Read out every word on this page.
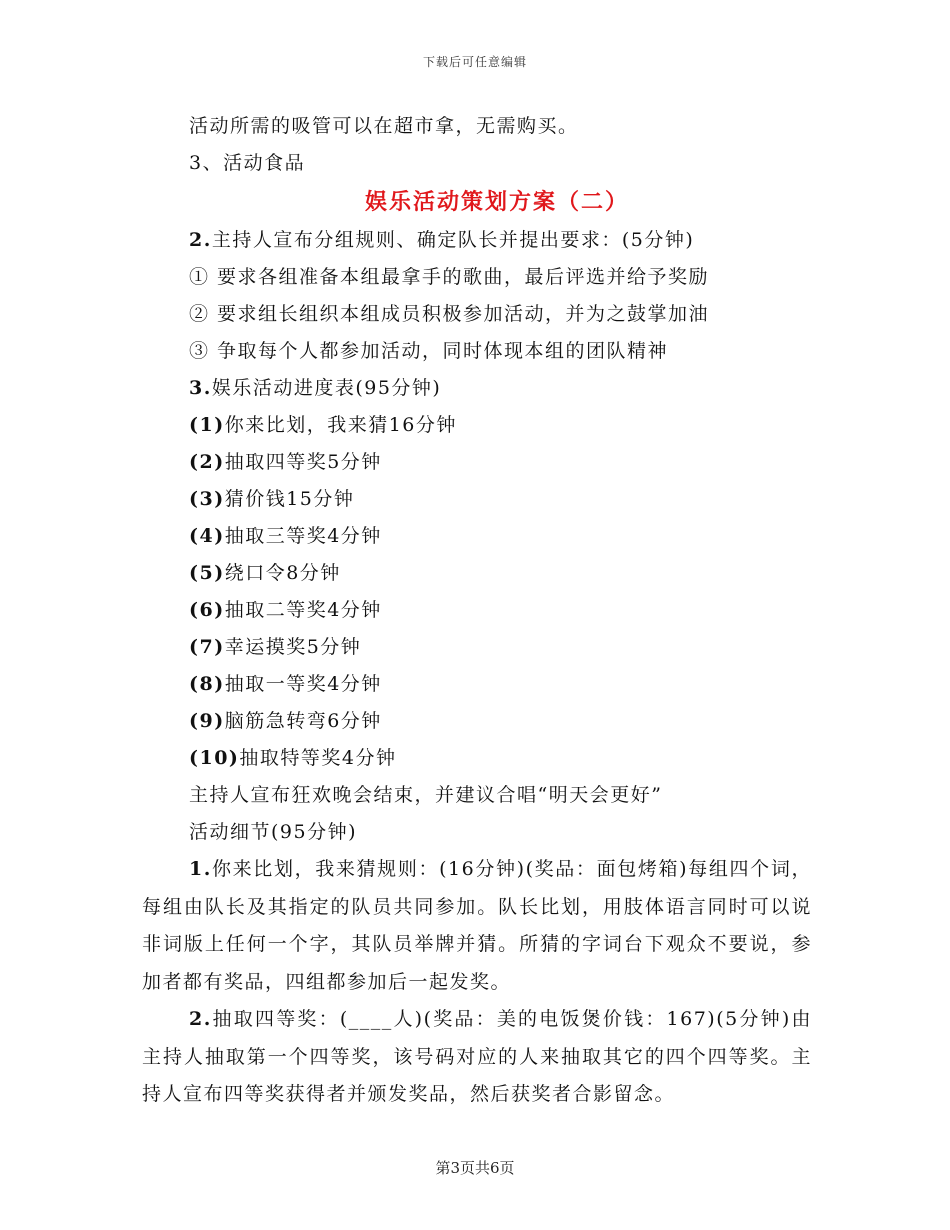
下载后可任意编辑
活动所需的吸管可以在超市拿，无需购买。
3、活动食品
娱乐活动策划方案（二）
2.主持人宣布分组规则、确定队长并提出要求：(5分钟)
① 要求各组准备本组最拿手的歌曲，最后评选并给予奖励
② 要求组长组织本组成员积极参加活动，并为之鼓掌加油
③ 争取每个人都参加活动，同时体现本组的团队精神
3.娱乐活动进度表(95分钟)
(1)你来比划，我来猜16分钟
(2)抽取四等奖5分钟
(3)猜价钱15分钟
(4)抽取三等奖4分钟
(5)绕口令8分钟
(6)抽取二等奖4分钟
(7)幸运摸奖5分钟
(8)抽取一等奖4分钟
(9)脑筋急转弯6分钟
(10)抽取特等奖4分钟
主持人宣布狂欢晚会结束，并建议合唱“明天会更好”
活动细节(95分钟)

1.你来比划，我来猜规则：(16分钟)(奖品：面包烤箱)每组四个词，每组由队长及其指定的队员共同参加。队长比划，用肢体语言同时可以说非词版上任何一个字，其队员举牌并猜。所猜的字词台下观众不要说，参加者都有奖品，四组都参加后一起发奖。

2.抽取四等奖：(____人)(奖品：美的电饭煲价钱：167)(5分钟)由主持人抽取第一个四等奖，该号码对应的人来抽取其它的四个四等奖。主持人宣布四等奖获得者并颁发奖品，然后获奖者合影留念。

第3页共6页
